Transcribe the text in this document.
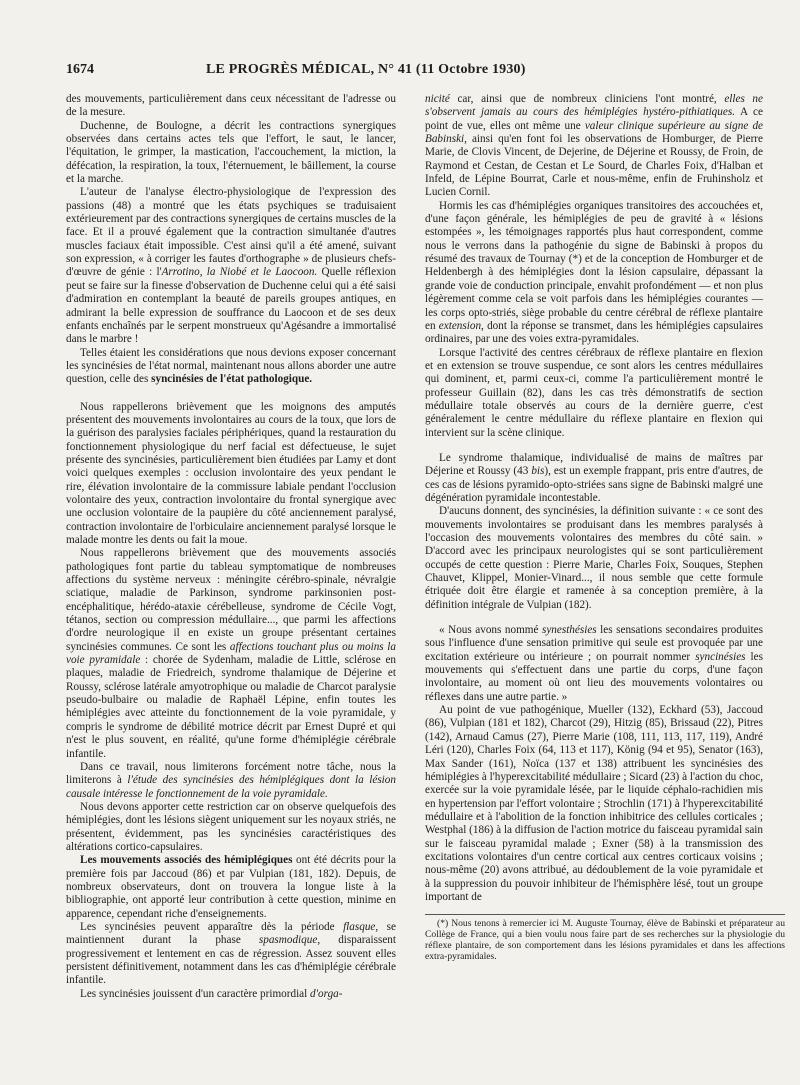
1674	LE PROGRÈS MÉDICAL, N° 41 (11 Octobre 1930)

des mouvements, particulièrement dans ceux nécessitant de l'adresse ou de la mesure.

Duchenne, de Boulogne, a décrit les contractions synergiques observées dans certains actes tels que l'effort, le saut, le lancer, l'équitation, le grimper, la mastication, l'accouchement, la miction, la défécation, la respiration, la toux, l'éternuement, le bâillement, la course et la marche.

L'auteur de l'analyse électro-physiologique de l'expression des passions (48) a montré que les états psychiques se traduisaient extérieurement par des contractions synergiques de certains muscles de la face. Et il a prouvé également que la contraction simultanée d'autres muscles faciaux était impossible. C'est ainsi qu'il a été amené, suivant son expression, « à corriger les fautes d'orthographe » de plusieurs chefs-d'œuvre de génie : l'Arrotino, la Niobé et le Laocoon. Quelle réflexion peut se faire sur la finesse d'observation de Duchenne celui qui a été saisi d'admiration en contemplant la beauté de pareils groupes antiques, en admirant la belle expression de souffrance du Laocoon et de ses deux enfants enchaînés par le serpent monstrueux qu'Agésandre a immortalisé dans le marbre !

Telles étaient les considérations que nous devions exposer concernant les syncinésies de l'état normal, maintenant nous allons aborder une autre question, celle des syncinésies de l'état pathologique.

Nous rappellerons brièvement que les moignons des amputés présentent des mouvements involontaires au cours de la toux, que lors de la guérison des paralysies faciales périphériques, quand la restauration du fonctionnement physiologique du nerf facial est défectueuse, le sujet présente des syncinésies, particulièrement bien étudiées par Lamy et dont voici quelques exemples : occlusion involontaire des yeux pendant le rire, élévation involontaire de la commissure labiale pendant l'occlusion volontaire des yeux, contraction involontaire du frontal synergique avec une occlusion volontaire de la paupière du côté anciennement paralysé, contraction involontaire de l'orbiculaire anciennement paralysé lorsque le malade montre les dents ou fait la moue.

Nous rappellerons brièvement que des mouvements associés pathologiques font partie du tableau symptomatique de nombreuses affections du système nerveux : méningite cérébro-spinale, névralgie sciatique, maladie de Parkinson, syndrome parkinsonien post-encéphalitique, hérédo-ataxie cérébelleuse, syndrome de Cécile Vogt, tétanos, section ou compression médullaire..., que parmi les affections d'ordre neurologique il en existe un groupe présentant certaines syncinésies communes. Ce sont les affections touchant plus ou moins la voie pyramidale : chorée de Sydenham, maladie de Little, sclérose en plaques, maladie de Friedreich, syndrome thalamique de Déjerine et Roussy, sclérose latérale amyotrophique ou maladie de Charcot paralysie pseudo-bulbaire ou maladie de Raphaël Lépine, enfin toutes les hémiplégies avec atteinte du fonctionnement de la voie pyramidale, y compris le syndrome de débilité motrice décrit par Ernest Dupré et qui n'est le plus souvent, en réalité, qu'une forme d'hémiplégie cérébrale infantile.

Dans ce travail, nous limiterons forcément notre tâche, nous la limiterons à l'étude des syncinésies des hémiplégiques dont la lésion causale intéresse le fonctionnement de la voie pyramidale.

Nous devons apporter cette restriction car on observe quelquefois des hémiplégies, dont les lésions siègent uniquement sur les noyaux striés, ne présentent, évidemment, pas les syncinésies caractéristiques des altérations cortico-capsulaires.

Les mouvements associés des hémiplégiques ont été décrits pour la première fois par Jaccoud (86) et par Vulpian (181, 182). Depuis, de nombreux observateurs, dont on trouvera la longue liste à la bibliographie, ont apporté leur contribution à cette question, minime en apparence, cependant riche d'enseignements.

Les syncinésies peuvent apparaître dès la période flasque, se maintiennent durant la phase spasmodique, disparaissent progressivement et lentement en cas de régression. Assez souvent elles persistent définitivement, notamment dans les cas d'hémiplégie cérébrale infantile.

Les syncinésies jouissent d'un caractère primordial d'orga-

nicité car, ainsi que de nombreux cliniciens l'ont montré, elles ne s'observent jamais au cours des hémiplégies hystéro-pithiatiques. A ce point de vue, elles ont même une valeur clinique supérieure au signe de Babinski, ainsi qu'en font foi les observations de Homburger, de Pierre Marie, de Clovis Vincent, de Dejerine, de Déjerine et Roussy, de Froin, de Raymond et Cestan, de Cestan et Le Sourd, de Charles Foix, d'Halban et Infeld, de Lépine Bourrat, Carle et nous-même, enfin de Fruhinsholz et Lucien Cornil.

Hormis les cas d'hémiplégies organiques transitoires des accouchées et, d'une façon générale, les hémiplégies de peu de gravité à « lésions estompées », les témoignages rapportés plus haut correspondent, comme nous le verrons dans la pathogénie du signe de Babinski à propos du résumé des travaux de Tournay (*) et de la conception de Homburger et de Heldenbergh à des hémiplégies dont la lésion capsulaire, dépassant la grande voie de conduction principale, envahit profondément — et non plus légèrement comme cela se voit parfois dans les hémiplégies courantes — les corps opto-striés, siège probable du centre cérébral de réflexe plantaire en extension, dont la réponse se transmet, dans les hémiplégies capsulaires ordinaires, par une des voies extra-pyramidales.

Lorsque l'activité des centres cérébraux de réflexe plantaire en flexion et en extension se trouve suspendue, ce sont alors les centres médullaires qui dominent, et, parmi ceux-ci, comme l'a particulièrement montré le professeur Guillain (82), dans les cas très démonstratifs de section médullaire totale observés au cours de la dernière guerre, c'est généralement le centre médullaire du réflexe plantaire en flexion qui intervient sur la scène clinique.

Le syndrome thalamique, individualisé de mains de maîtres par Déjerine et Roussy (43 bis), est un exemple frappant, pris entre d'autres, de ces cas de lésions pyramido-opto-striées sans signe de Babinski malgré une dégénération pyramidale incontestable.

D'aucuns donnent, des syncinésies, la définition suivante : « ce sont des mouvements involontaires se produisant dans les membres paralysés à l'occasion des mouvements volontaires des membres du côté sain. » D'accord avec les principaux neurologistes qui se sont particulièrement occupés de cette question : Pierre Marie, Charles Foix, Souques, Stephen Chauvet, Klippel, Monier-Vinard..., il nous semble que cette formule étriquée doit être élargie et ramenée à sa conception première, à la définition intégrale de Vulpian (182).

« Nous avons nommé synesthésies les sensations secondaires produites sous l'influence d'une sensation primitive qui seule est provoquée par une excitation extérieure ou intérieure ; on pourrait nommer syncinésies les mouvements qui s'effectuent dans une partie du corps, d'une façon involontaire, au moment où ont lieu des mouvements volontaires ou réflexes dans une autre partie. »

Au point de vue pathogénique, Mueller (132), Eckhard (53), Jaccoud (86), Vulpian (181 et 182), Charcot (29), Hitzig (85), Brissaud (22), Pitres (142), Arnaud Camus (27), Pierre Marie (108, 111, 113, 117, 119), André Léri (120), Charles Foix (64, 113 et 117), König (94 et 95), Senator (163), Max Sander (161), Noïca (137 et 138) attribuent les syncinésies des hémiplégies à l'hyperexcitabilité médullaire ; Sicard (23) à l'action du choc, exercée sur la voie pyramidale lésée, par le liquide céphalo-rachidien mis en hypertension par l'effort volontaire ; Strochlin (171) à l'hyperexcitabilité médullaire et à l'abolition de la fonction inhibitrice des cellules corticales ; Westphal (186) à la diffusion de l'action motrice du faisceau pyramidal sain sur le faisceau pyramidal malade ; Exner (58) à la transmission des excitations volontaires d'un centre cortical aux centres corticaux voisins ; nous-même (20) avons attribué, au dédoublement de la voie pyramidale et à la suppression du pouvoir inhibiteur de l'hémisphère lésé, tout un groupe important de

(*) Nous tenons à remercier ici M. Auguste Tournay, élève de Babinski et préparateur au Collège de France, qui a bien voulu nous faire part de ses recherches sur la physiologie du réflexe plantaire, de son comportement dans les lésions pyramidales et dans les affections extra-pyramidales.
